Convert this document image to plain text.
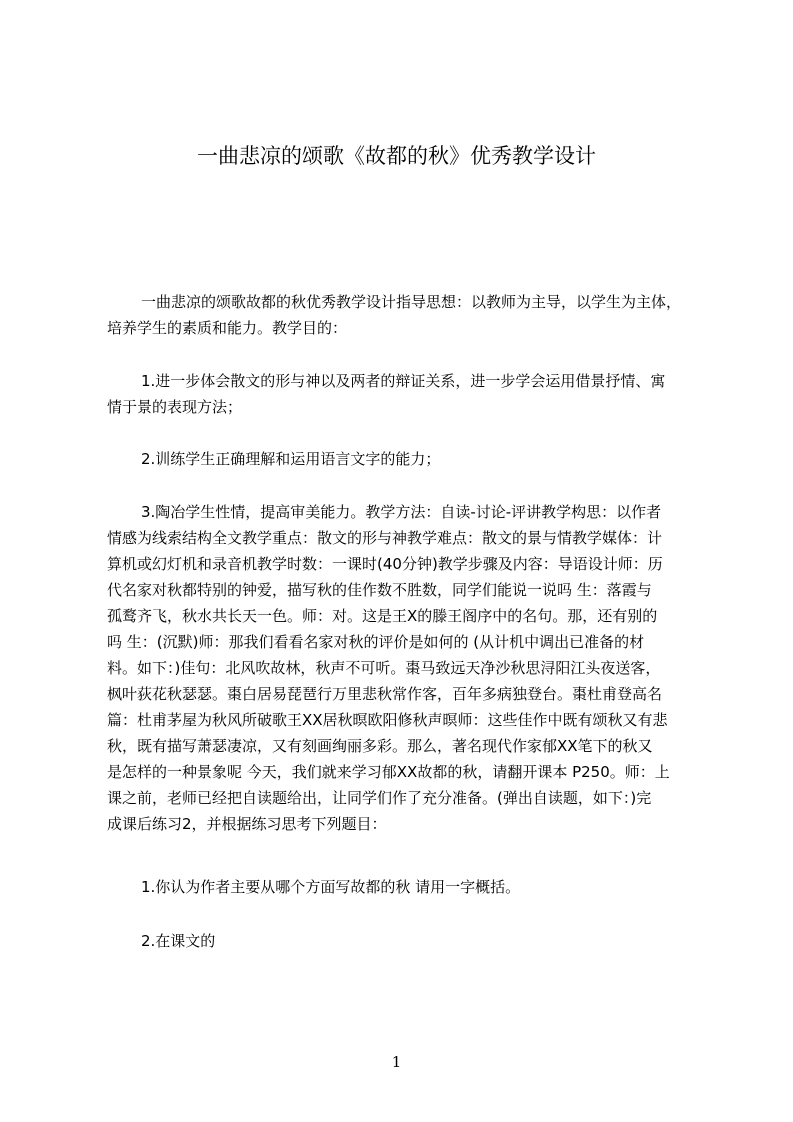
一曲悲凉的颂歌《故都的秋》优秀教学设计
一曲悲凉的颂歌故都的秋优秀教学设计指导思想：以教师为主导，以学生为主体，
培养学生的素质和能力。教学目的：
1.进一步体会散文的形与神以及两者的辩证关系，进一步学会运用借景抒情、寓
情于景的表现方法；
2.训练学生正确理解和运用语言文字的能力；
3.陶冶学生性情，提高审美能力。教学方法：自读-讨论-评讲教学构思：以作者
情感为线索结构全文教学重点：散文的形与神教学难点：散文的景与情教学媒体：计
算机或幻灯机和录音机教学时数：一课时(40分钟)教学步骤及内容：导语设计师：历
代名家对秋都特别的钟爱，描写秋的佳作数不胜数，同学们能说一说吗 生：落霞与
孤鹜齐飞，秋水共长天一色。师：对。这是王X的滕王阁序中的名句。那，还有别的
吗 生：(沉默)师：那我们看看名家对秋的评价是如何的 (从计机中调出已准备的材
料。如下：)佳句：北风吹故林，秋声不可听。棗马致远天净沙秋思浔阳江头夜送客，
枫叶荻花秋瑟瑟。棗白居易琵琶行万里悲秋常作客，百年多病独登台。棗杜甫登高名
篇：杜甫茅屋为秋风所破歌王XX居秋暝欧阳修秋声暝师：这些佳作中既有颂秋又有悲
秋，既有描写萧瑟凄凉，又有刻画绚丽多彩。那么，著名现代作家郁XX笔下的秋又
是怎样的一种景象呢 今天，我们就来学习郁XX故都的秋，请翻开课本 P250。师：上
课之前，老师已经把自读题给出，让同学们作了充分准备。(弹出自读题，如下：)完
成课后练习2，并根据练习思考下列题目：
1.你认为作者主要从哪个方面写故都的秋 请用一字概括。
2.在课文的
1
